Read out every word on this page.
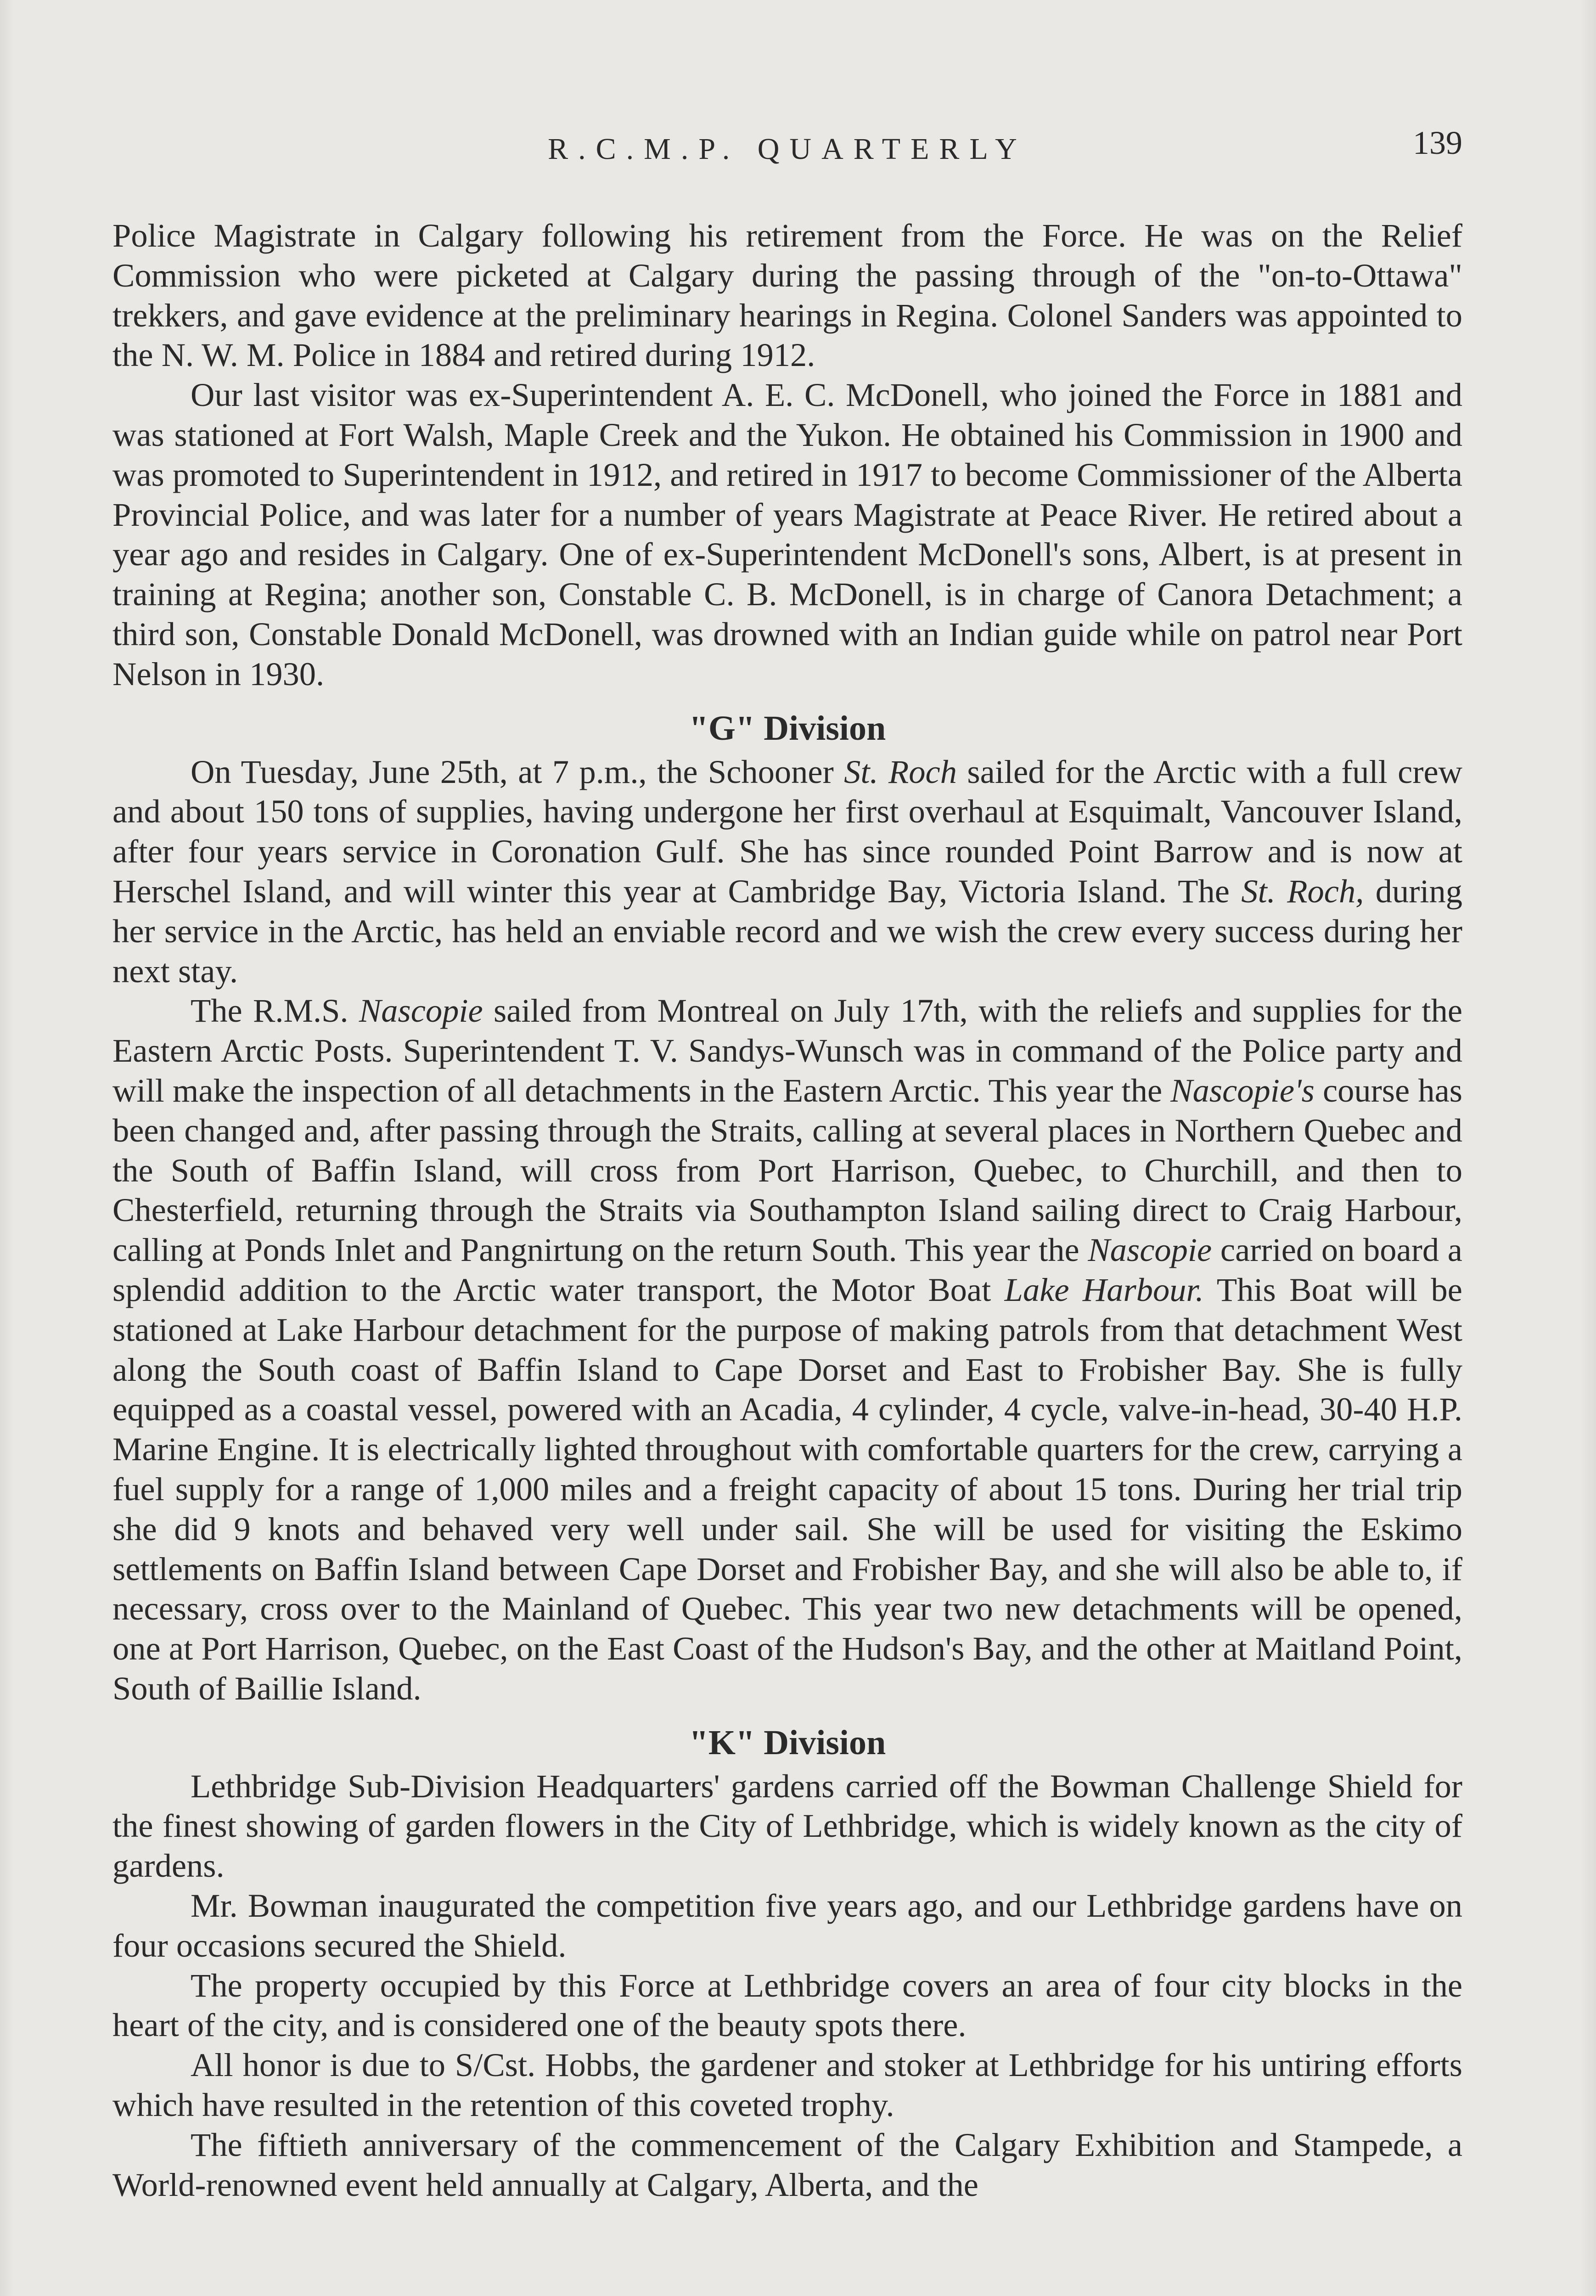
R.C.M.P. QUARTERLY	139

Police Magistrate in Calgary following his retirement from the Force. He was on the Relief Commission who were picketed at Calgary during the passing through of the "on-to-Ottawa" trekkers, and gave evidence at the preliminary hearings in Regina. Colonel Sanders was appointed to the N. W. M. Police in 1884 and retired during 1912.

Our last visitor was ex-Superintendent A. E. C. McDonell, who joined the Force in 1881 and was stationed at Fort Walsh, Maple Creek and the Yukon. He obtained his Commission in 1900 and was promoted to Superintendent in 1912, and retired in 1917 to become Commissioner of the Alberta Provincial Police, and was later for a number of years Magistrate at Peace River. He retired about a year ago and resides in Calgary. One of ex-Superintendent McDonell's sons, Albert, is at present in training at Regina; another son, Constable C. B. McDonell, is in charge of Canora Detachment; a third son, Constable Donald McDonell, was drowned with an Indian guide while on patrol near Port Nelson in 1930.

"G" Division

On Tuesday, June 25th, at 7 p.m., the Schooner St. Roch sailed for the Arctic with a full crew and about 150 tons of supplies, having undergone her first overhaul at Esquimalt, Vancouver Island, after four years service in Coronation Gulf. She has since rounded Point Barrow and is now at Herschel Island, and will winter this year at Cambridge Bay, Victoria Island. The St. Roch, during her service in the Arctic, has held an enviable record and we wish the crew every success during her next stay.

The R.M.S. Nascopie sailed from Montreal on July 17th, with the reliefs and supplies for the Eastern Arctic Posts. Superintendent T. V. Sandys-Wunsch was in command of the Police party and will make the inspection of all detachments in the Eastern Arctic. This year the Nascopie's course has been changed and, after passing through the Straits, calling at several places in Northern Quebec and the South of Baffin Island, will cross from Port Harrison, Quebec, to Churchill, and then to Chesterfield, returning through the Straits via Southampton Island sailing direct to Craig Harbour, calling at Ponds Inlet and Pangnirtung on the return South. This year the Nascopie carried on board a splendid addition to the Arctic water transport, the Motor Boat Lake Harbour. This Boat will be stationed at Lake Harbour detachment for the purpose of making patrols from that detachment West along the South coast of Baffin Island to Cape Dorset and East to Frobisher Bay. She is fully equipped as a coastal vessel, powered with an Acadia, 4 cylinder, 4 cycle, valve-in-head, 30-40 H.P. Marine Engine. It is electrically lighted throughout with comfortable quarters for the crew, carrying a fuel supply for a range of 1,000 miles and a freight capacity of about 15 tons. During her trial trip she did 9 knots and behaved very well under sail. She will be used for visiting the Eskimo settlements on Baffin Island between Cape Dorset and Frobisher Bay, and she will also be able to, if necessary, cross over to the Mainland of Quebec. This year two new detachments will be opened, one at Port Harrison, Quebec, on the East Coast of the Hudson's Bay, and the other at Maitland Point, South of Baillie Island.

"K" Division

Lethbridge Sub-Division Headquarters' gardens carried off the Bowman Challenge Shield for the finest showing of garden flowers in the City of Lethbridge, which is widely known as the city of gardens.

Mr. Bowman inaugurated the competition five years ago, and our Lethbridge gardens have on four occasions secured the Shield.

The property occupied by this Force at Lethbridge covers an area of four city blocks in the heart of the city, and is considered one of the beauty spots there.

All honor is due to S/Cst. Hobbs, the gardener and stoker at Lethbridge for his untiring efforts which have resulted in the retention of this coveted trophy.

The fiftieth anniversary of the commencement of the Calgary Exhibition and Stampede, a World-renowned event held annually at Calgary, Alberta, and the
